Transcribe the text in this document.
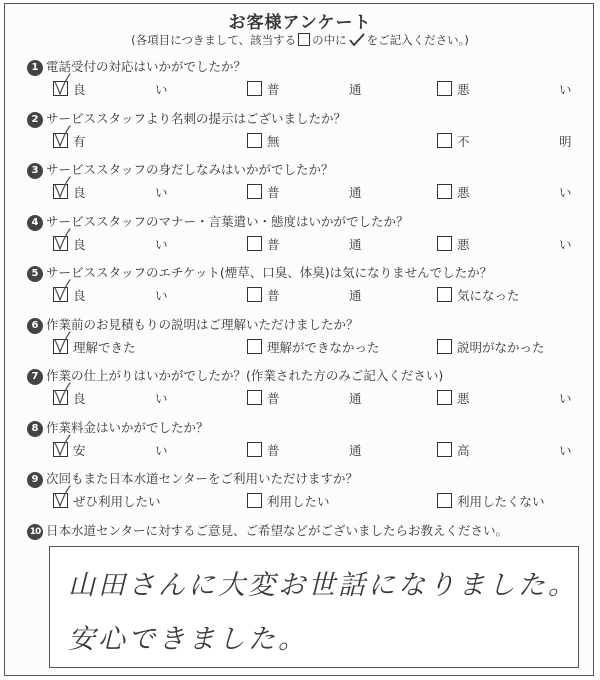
お客様アンケート
(各項目につきまして、該当する の中に をご記入ください。)
1 電話受付の対応はいかがでしたか？
良	い	普	通	悪	い
2 サービススタッフより名刺の提示はございましたか？
有	無	不	明
3 サービススタッフの身だしなみはいかがでしたか？
良	い	普	通	悪	い
4 サービススタッフのマナー・言葉遣い・態度はいかがでしたか？
良	い	普	通	悪	い
5 サービススタッフのエチケット(煙草、口臭、体臭)は気になりませんでしたか？
良	い	普	通	気になった
6 作業前のお見積もりの説明はご理解いただけましたか？
理解できた	理解ができなかった	説明がなかった
7 作業の仕上がりはいかがでしたか？(作業された方のみご記入ください)
良	い	普	通	悪	い
8 作業料金はいかがでしたか？
安	い	普	通	高	い
9 次回もまた日本水道センターをご利用いただけますか？
ぜひ利用したい	利用したい	利用したくない
10 日本水道センターに対するご意見、ご希望などがございましたらお教えください。
山田さんに大変お世話になりました。
安心できました。
